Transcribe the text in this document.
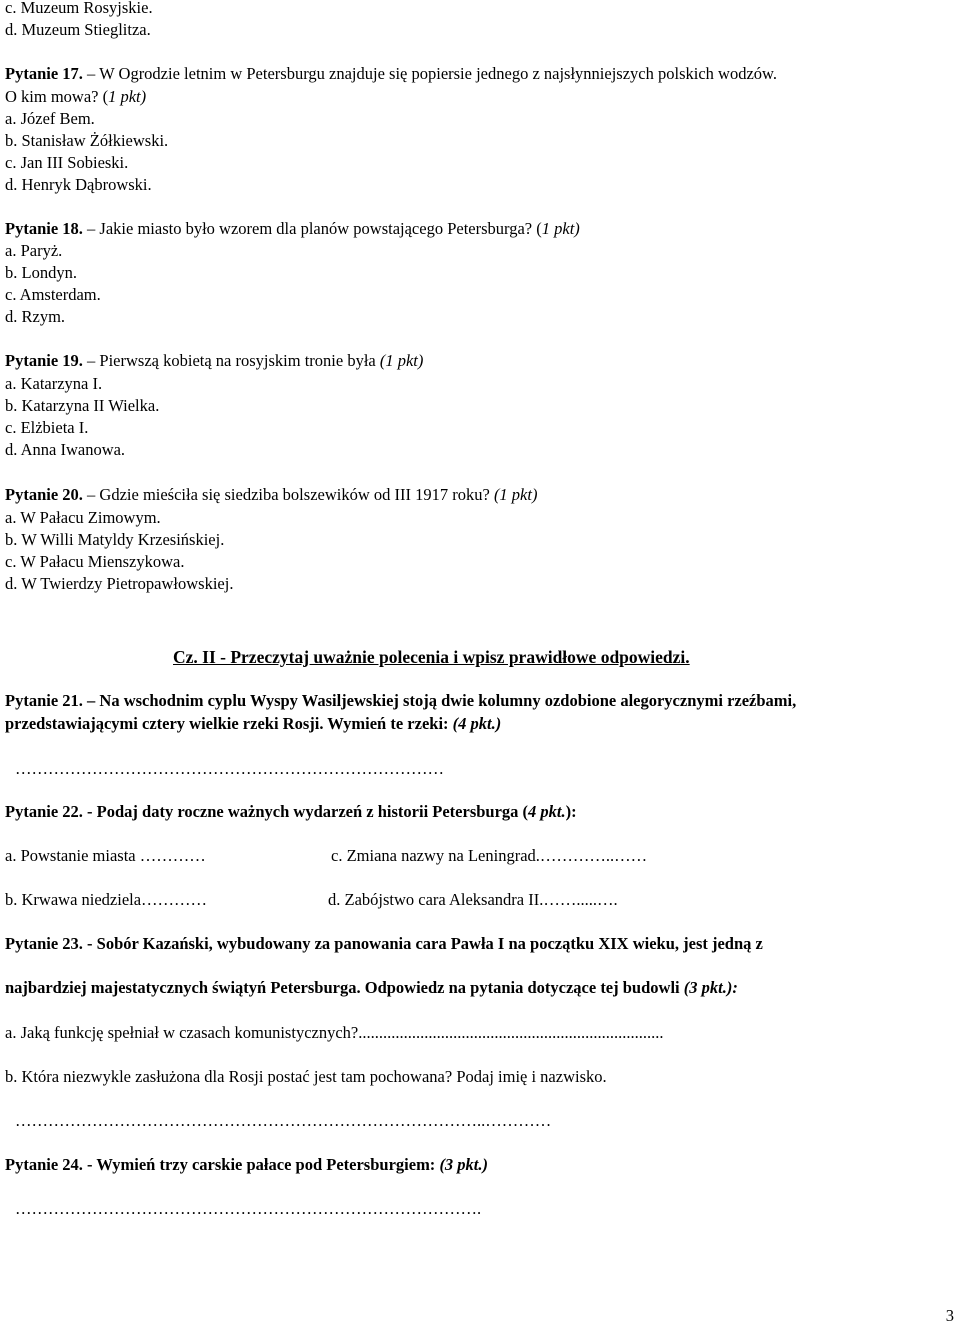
c. Muzeum Rosyjskie.
d. Muzeum Stieglitza.
Pytanie 17. – W Ogrodzie letnim w Petersburgu znajduje się popiersie jednego z najsłynniejszych polskich wodzów.
O kim mowa? (1 pkt)
a. Józef Bem.
b. Stanisław Żółkiewski.
c. Jan III Sobieski.
d. Henryk Dąbrowski.
Pytanie 18. – Jakie miasto było wzorem dla planów powstającego Petersburga? (1 pkt)
a. Paryż.
b. Londyn.
c. Amsterdam.
d. Rzym.
Pytanie 19. – Pierwszą kobietą na rosyjskim tronie była (1 pkt)
a. Katarzyna I.
b. Katarzyna II Wielka.
c. Elżbieta I.
d. Anna Iwanowa.
Pytanie 20. – Gdzie mieściła się siedziba bolszewików od III 1917 roku? (1 pkt)
a. W Pałacu Zimowym.
b. W Willi Matyldy Krzesińskiej.
c. W Pałacu Mienszykowa.
d. W Twierdzy Pietropawłowskiej.
Cz. II - Przeczytaj uważnie polecenia i wpisz prawidłowe odpowiedzi.
Pytanie 21. – Na wschodnim cyplu Wyspy Wasiljewskiej stoją dwie kolumny ozdobione alegorycznymi rzeźbami,
przedstawiającymi cztery wielkie rzeki Rosji. Wymień te rzeki: (4 pkt.)
……………………………………………………………………
Pytanie 22. - Podaj daty roczne ważnych wydarzeń z historii Petersburga (4 pkt.):
a. Powstanie miasta …………	c. Zmiana nazwy na Leningrad.…………..……
b. Krwawa niedziela…………	d. Zabójstwo cara Aleksandra II.…….....….
Pytanie 23. - Sobór Kazański, wybudowany za panowania cara Pawła I na początku XIX wieku, jest jedną z
najbardziej majestatycznych świątyń Petersburga. Odpowiedz na pytania dotyczące tej budowli (3 pkt.):
a. Jaką funkcję spełniał w czasach komunistycznych?..........................................................................
b. Która niezwykle zasłużona dla Rosji postać jest tam pochowana? Podaj imię i nazwisko.
…………………………………………………………………………..…………
Pytanie 24. - Wymień trzy carskie pałace pod Petersburgiem: (3 pkt.)
………………………………………………………………………….
3
